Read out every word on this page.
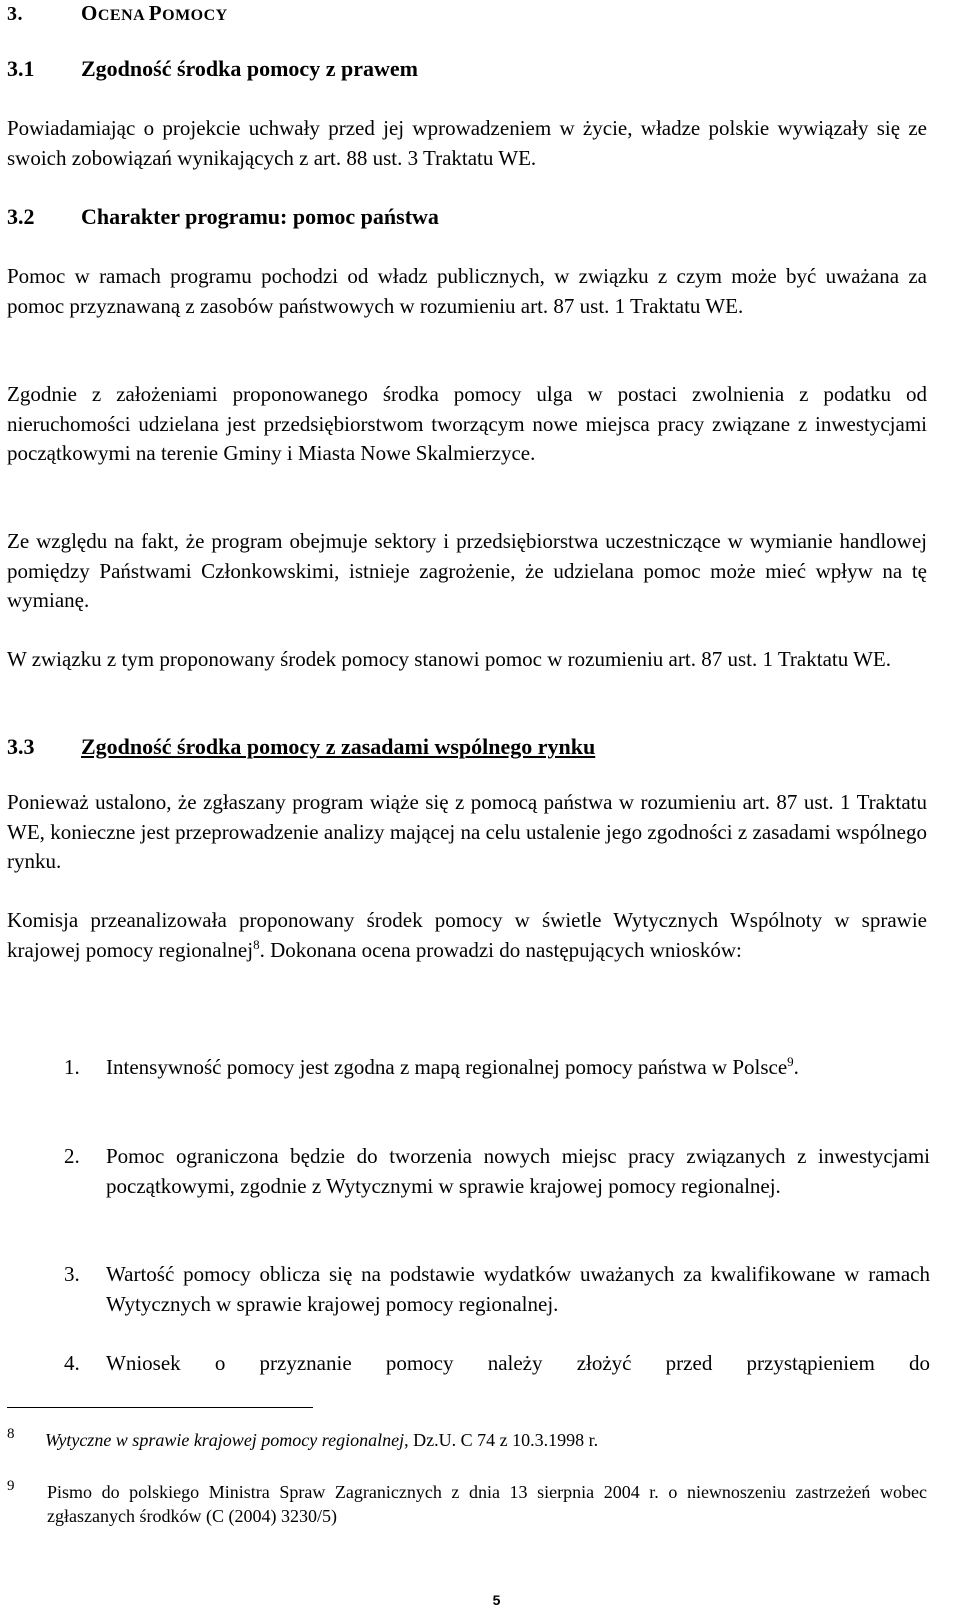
3.	OCENA POMOCY
3.1 Zgodność środka pomocy z prawem
Powiadamiając o projekcie uchwały przed jej wprowadzeniem w życie, władze polskie wywiązały się ze swoich zobowiązań wynikających z art. 88 ust. 3 Traktatu WE.
3.2 Charakter programu: pomoc państwa
Pomoc w ramach programu pochodzi od władz publicznych, w związku z czym może być uważana za pomoc przyznawaną z zasobów państwowych w rozumieniu art. 87 ust. 1 Traktatu WE.
Zgodnie z założeniami proponowanego środka pomocy ulga w postaci zwolnienia z podatku od nieruchomości udzielana jest przedsiębiorstwom tworzącym nowe miejsca pracy związane z inwestycjami początkowymi na terenie Gminy i Miasta Nowe Skalmierzyce.
Ze względu na fakt, że program obejmuje sektory i przedsiębiorstwa uczestniczące w wymianie handlowej pomiędzy Państwami Członkowskimi, istnieje zagrożenie, że udzielana pomoc może mieć wpływ na tę wymianę.
W związku z tym proponowany środek pomocy stanowi pomoc w rozumieniu art. 87 ust. 1 Traktatu WE.
3.3 Zgodność środka pomocy z zasadami wspólnego rynku
Ponieważ ustalono, że zgłaszany program wiąże się z pomocą państwa w rozumieniu art. 87 ust. 1 Traktatu WE, konieczne jest przeprowadzenie analizy mającej na celu ustalenie jego zgodności z zasadami wspólnego rynku.
Komisja przeanalizowała proponowany środek pomocy w świetle Wytycznych Wspólnoty w sprawie krajowej pomocy regionalnej$^8$. Dokonana ocena prowadzi do następujących wniosków:
1.	Intensywność pomocy jest zgodna z mapą regionalnej pomocy państwa w Polsce$^9$.
2.	Pomoc ograniczona będzie do tworzenia nowych miejsc pracy związanych z inwestycjami początkowymi, zgodnie z Wytycznymi w sprawie krajowej pomocy regionalnej.
3.	Wartość pomocy oblicza się na podstawie wydatków uważanych za kwalifikowane w ramach Wytycznych w sprawie krajowej pomocy regionalnej.
4.	Wniosek o przyznanie pomocy należy złożyć przed przystąpieniem do
8 Wytyczne w sprawie krajowej pomocy regionalnej, Dz.U. C 74 z 10.3.1998 r.
9 Pismo do polskiego Ministra Spraw Zagranicznych z dnia 13 sierpnia 2004 r. o niewnoszeniu zastrzeżeń wobec zgłaszanych środków (C (2004) 3230/5)
5
